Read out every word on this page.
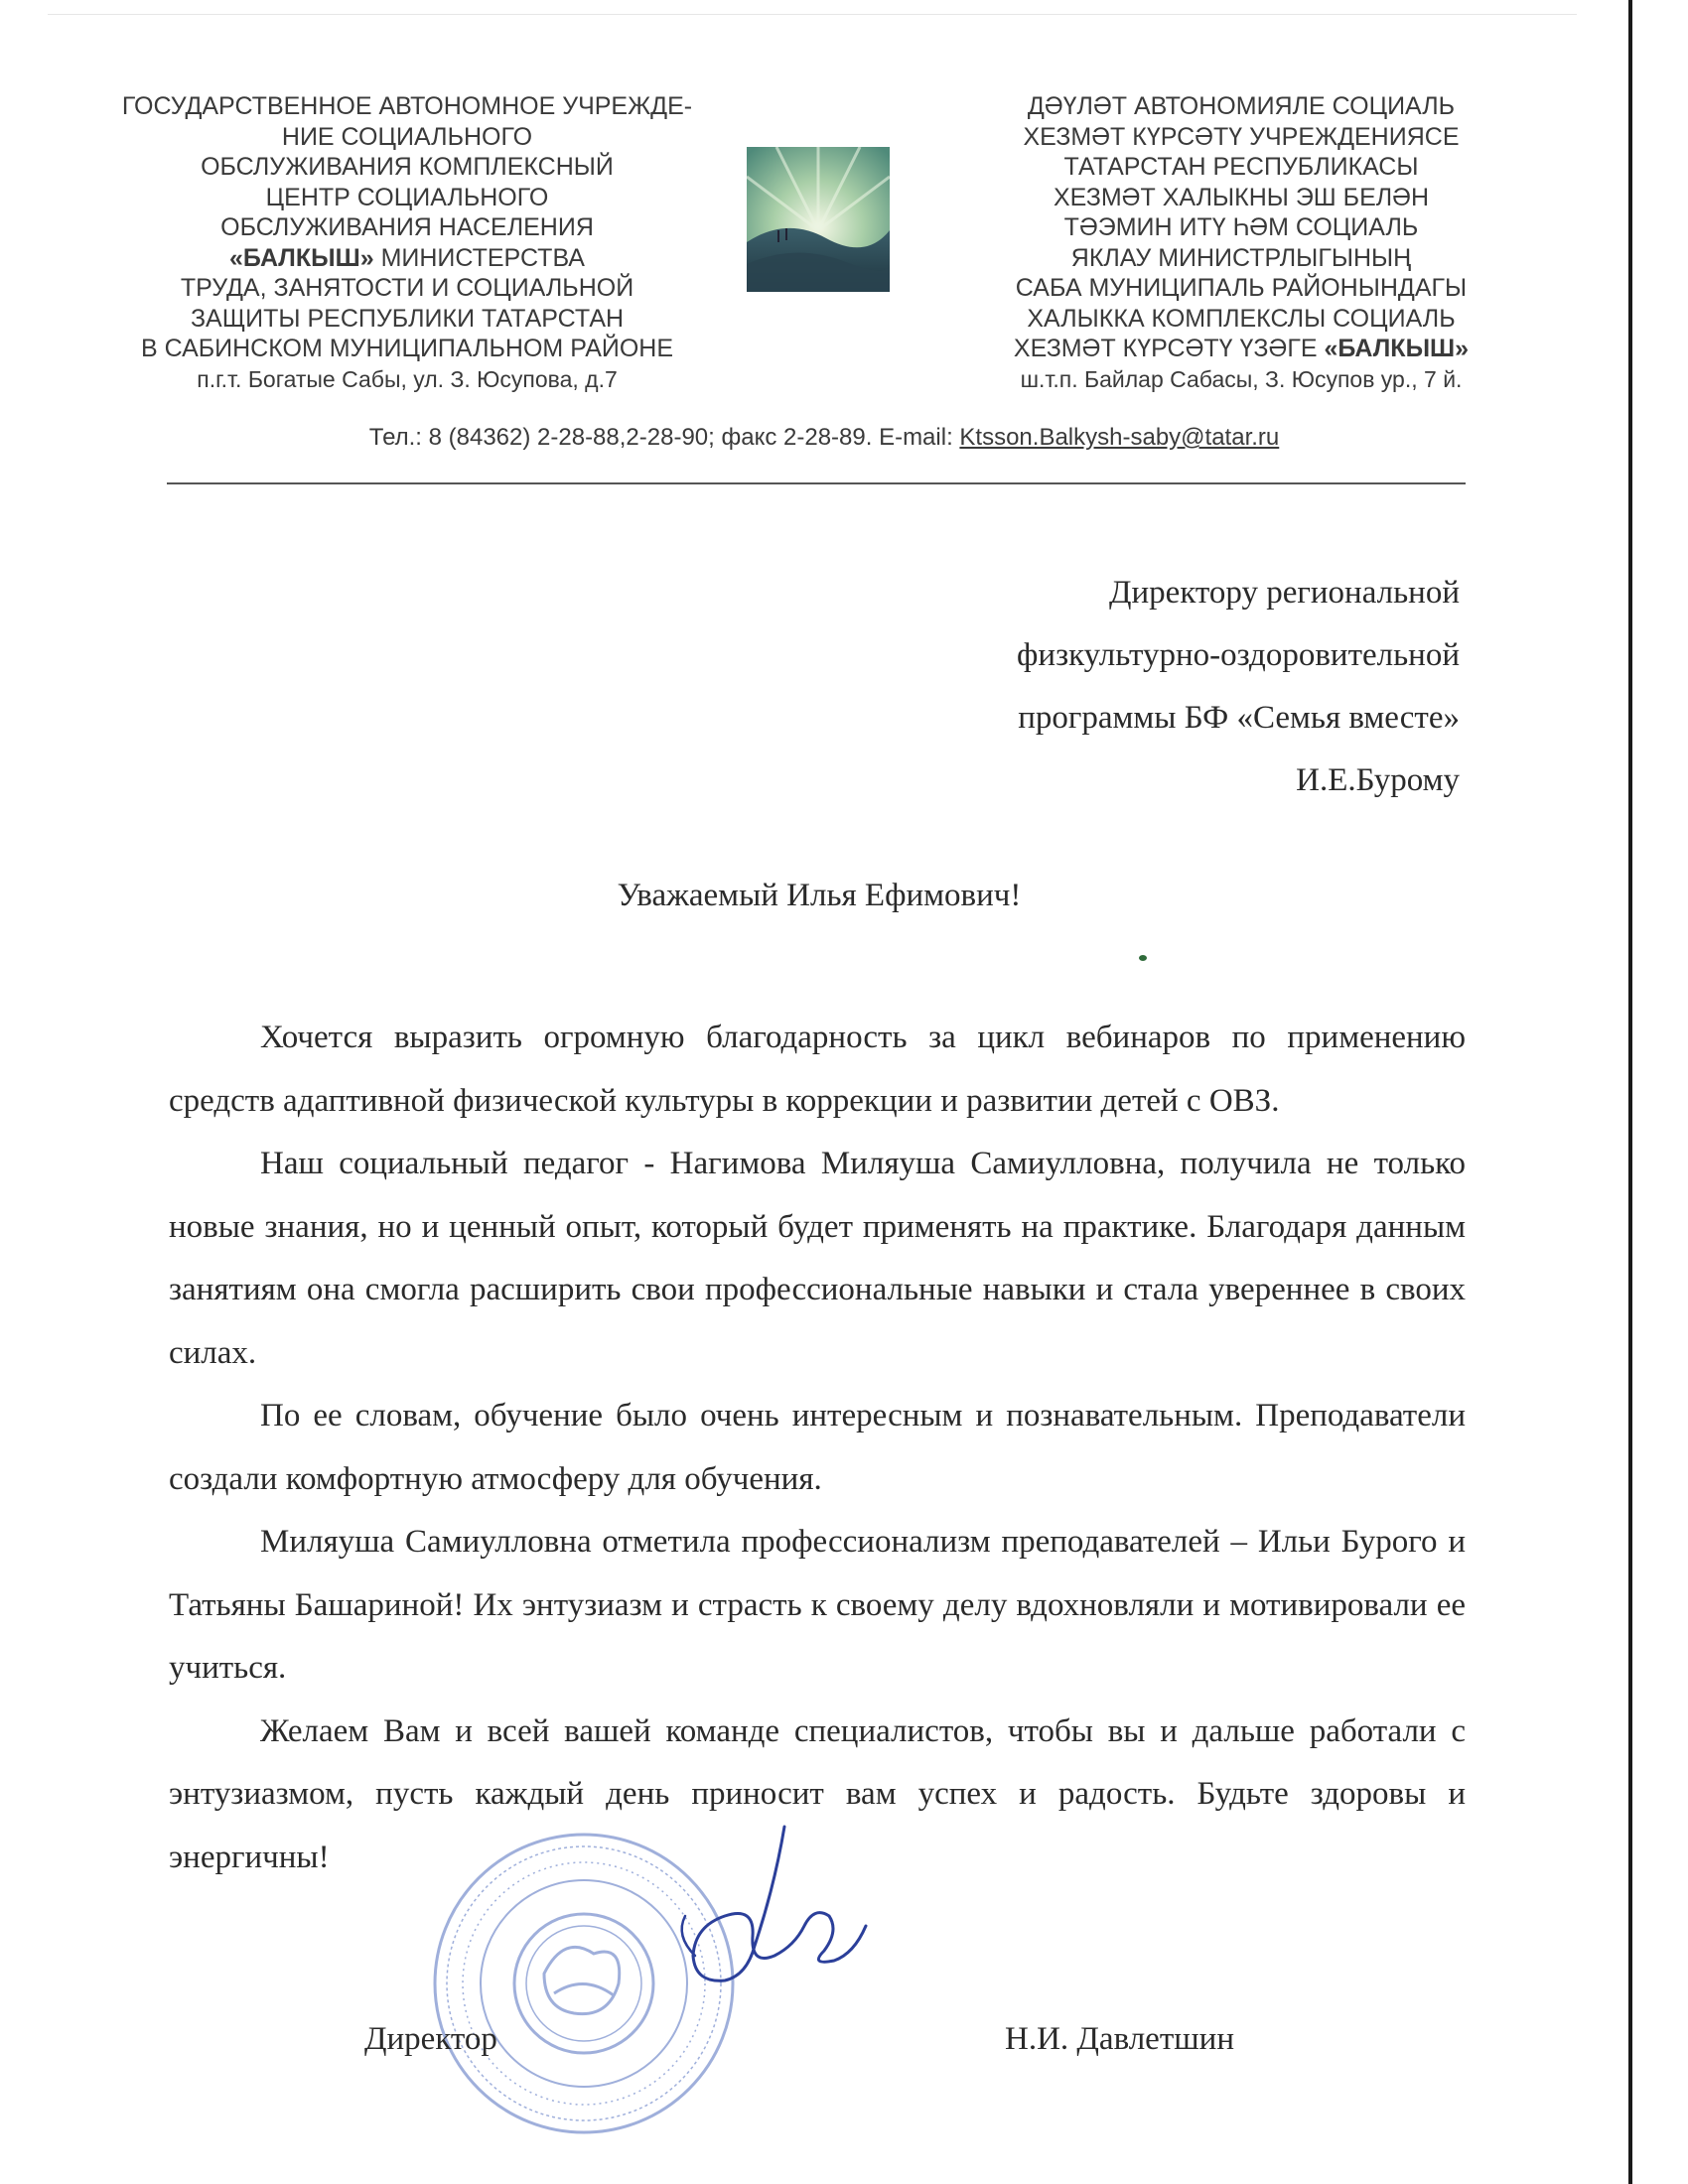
ГОСУДАРСТВЕННОЕ АВТОНОМНОЕ УЧРЕЖДЕ-
НИЕ СОЦИАЛЬНОГО
ОБСЛУЖИВАНИЯ КОМПЛЕКСНЫЙ
ЦЕНТР СОЦИАЛЬНОГО
ОБСЛУЖИВАНИЯ НАСЕЛЕНИЯ
«БАЛКЫШ» МИНИСТЕРСТВА
ТРУДА, ЗАНЯТОСТИ И СОЦИАЛЬНОЙ
ЗАЩИТЫ РЕСПУБЛИКИ ТАТАРСТАН
В САБИНСКОМ МУНИЦИПАЛЬНОМ РАЙОНЕ
п.г.т. Богатые Сабы, ул. З. Юсупова, д.7
ДӘҮЛӘТ АВТОНОМИЯЛЕ СОЦИАЛЬ
ХЕЗМӘТ КҮРСӘТҮ УЧРЕЖДЕНИЯСЕ
ТАТАРСТАН РЕСПУБЛИКАСЫ
ХЕЗМӘТ ХАЛЫКНЫ ЭШ БЕЛӘН
ТӘЭМИН ИТҮ ҺӘМ СОЦИАЛЬ
ЯКЛАУ МИНИСТРЛЫГЫНЫҢ
САБА МУНИЦИПАЛЬ РАЙОНЫНДАГЫ
ХАЛЫККА КОМПЛЕКСЛЫ СОЦИАЛЬ
ХЕЗМӘТ КҮРСӘТҮ ҮЗӘГЕ «БАЛКЫШ»
ш.т.п. Байлар Сабасы, З. Юсупов ур., 7 й.
Тел.: 8 (84362) 2-28-88,2-28-90; факс 2-28-89. E-mail: Ktsson.Balkysh-saby@tatar.ru
Директору региональной
физкультурно-оздоровительной
программы БФ «Семья вместе»
И.Е.Бурому
Уважаемый Илья Ефимович!

Хочется выразить огромную благодарность за цикл вебинаров по применению средств адаптивной физической культуры в коррекции и развитии детей с ОВЗ.

Наш социальный педагог - Нагимова Миляуша Самиулловна, получила не только новые знания, но и ценный опыт, который будет применять на практике. Благодаря данным занятиям она смогла расширить свои профессиональные навыки и стала увереннее в своих силах.

По ее словам, обучение было очень интересным и познавательным. Преподаватели создали комфортную атмосферу для обучения.

Миляуша Самиулловна отметила профессионализм преподавателей – Ильи Бурого и Татьяны Башариной! Их энтузиазм и страсть к своему делу вдохновляли и мотивировали ее учиться.

Желаем Вам и всей вашей команде специалистов, чтобы вы и дальше работали с энтузиазмом, пусть каждый день приносит вам успех и радость. Будьте здоровы и энергичны!

Директор	Н.И. Давлетшин
